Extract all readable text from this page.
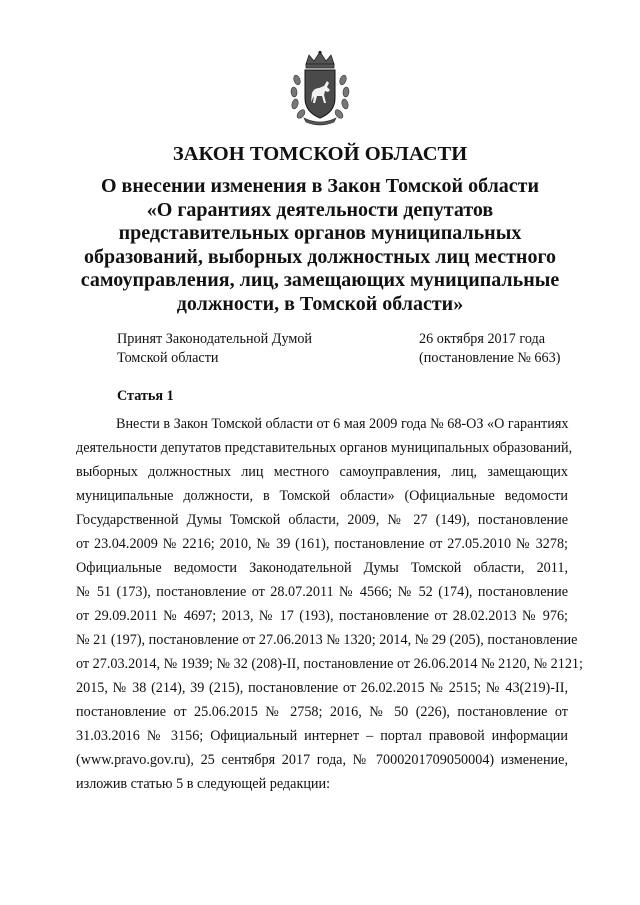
ЗАКОН ТОМСКОЙ ОБЛАСТИ
О внесении изменения в Закон Томской области
«О гарантиях деятельности депутатов
представительных органов муниципальных
образований, выборных должностных лиц местного
самоуправления, лиц, замещающих муниципальные
должности, в Томской области»
Принят Законодательной Думой
Томской области
26 октября 2017 года
(постановление № 663)
Статья 1
Внести в Закон Томской области от 6 мая 2009 года № 68-ОЗ «О гарантиях
деятельности депутатов представительных органов муниципальных образований,
выборных должностных лиц местного самоуправления, лиц, замещающих
муниципальные должности, в Томской области» (Официальные ведомости
Государственной Думы Томской области, 2009, № 27 (149), постановление
от 23.04.2009 № 2216; 2010, № 39 (161), постановление от 27.05.2010 № 3278;
Официальные ведомости Законодательной Думы Томской области, 2011,
№ 51 (173), постановление от 28.07.2011 № 4566; № 52 (174), постановление
от 29.09.2011 № 4697; 2013, № 17 (193), постановление от 28.02.2013 № 976;
№ 21 (197), постановление от 27.06.2013 № 1320; 2014, № 29 (205), постановление
от 27.03.2014, № 1939; № 32 (208)-II, постановление от 26.06.2014 № 2120, № 2121;
2015, № 38 (214), 39 (215), постановление от 26.02.2015 № 2515; № 43(219)-II,
постановление от 25.06.2015 № 2758; 2016, № 50 (226), постановление от
31.03.2016 № 3156; Официальный интернет – портал правовой информации
(www.pravo.gov.ru), 25 сентября 2017 года, № 7000201709050004) изменение,
изложив статью 5 в следующей редакции:
